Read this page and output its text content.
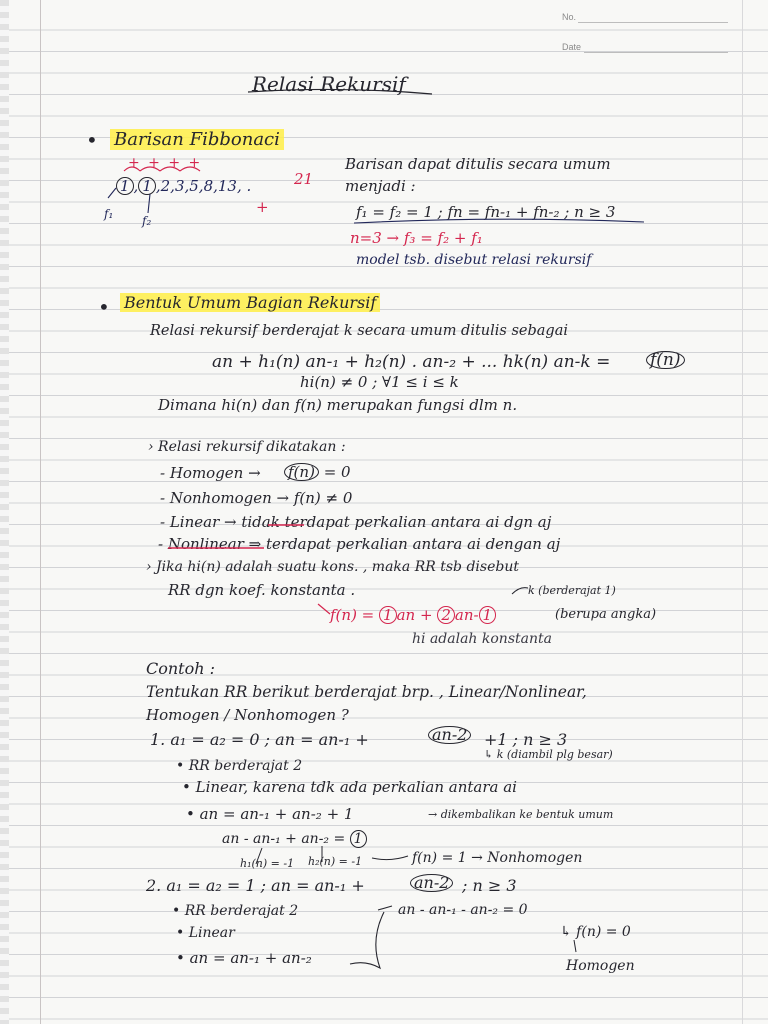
No.
Date
Relasi Rekursif
• Barisan Fibbonaci
+ + + +
1 , 1 ,2,3,5,8,13, .	21
+
f₁ f₂
Barisan dapat ditulis secara umum
menjadi :
f₁ = f₂ = 1 ; fn = fn-₁ + fn-₂ ; n ≥ 3
n=3 → f₃ = f₂ + f₁
model tsb. disebut relasi rekursif
• Bentuk Umum Bagian Rekursif
Relasi rekursif berderajat k secara umum ditulis sebagai
an + h₁(n) an-₁ + h₂(n) . an-₂ + ... hk(n) an-k = f(n)
hi(n) ≠ 0 ; ∀1 ≤ i ≤ k
Dimana hi(n) dan f(n) merupakan fungsi dlm n.
› Relasi rekursif dikatakan :
- Homogen → f(n) = 0
- Nonhomogen → f(n) ≠ 0
- Linear → tidak terdapat perkalian antara ai dgn aj
- Nonlinear ⇒ terdapat perkalian antara ai dengan aj
› Jika hi(n) adalah suatu kons. , maka RR tsb disebut
RR dgn koef. konstanta .	k (berderajat 1)
f(n) = 1 an + 2 an- 1	(berupa angka)
hi adalah konstanta
Contoh :
Tentukan RR berikut berderajat brp. , Linear/Nonlinear,
Homogen / Nonhomogen ?
1. a₁ = a₂ = 0 ; an = an-₁ +	an-2 +1 ; n ≥ 3
↳ k (diambil plg besar)
• RR berderajat 2
• Linear, karena tdk ada perkalian antara ai
• an = an-₁ + an-₂ + 1	→ dikembalikan ke bentuk umum
an - an-₁ + an-₂ = 1
h₁(n) = -1 h₂(n) = -1	f(n) = 1 → Nonhomogen
2. a₁ = a₂ = 1 ; an = an-₁ +	an-2 ; n ≥ 3
• RR berderajat 2
• Linear
• an = an-₁ + an-₂
an - an-₁ - an-₂ = 0
↳ f(n) = 0
Homogen
